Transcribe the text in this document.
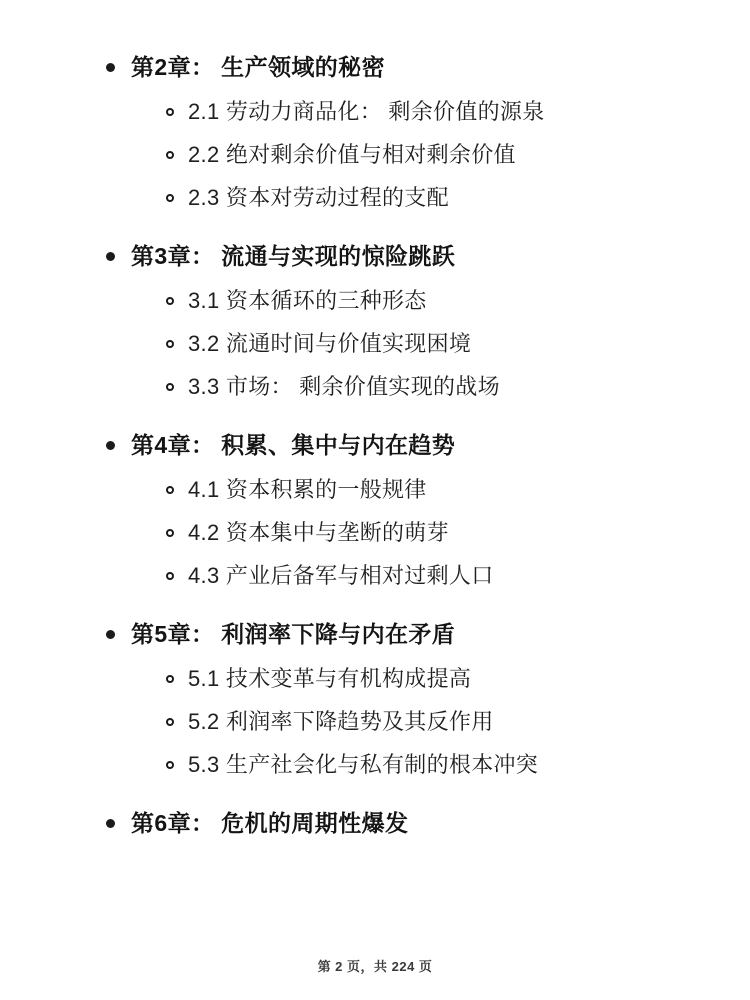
第2章： 生产领域的秘密
2.1 劳动力商品化： 剩余价值的源泉
2.2 绝对剩余价值与相对剩余价值
2.3 资本对劳动过程的支配
第3章： 流通与实现的惊险跳跃
3.1 资本循环的三种形态
3.2 流通时间与价值实现困境
3.3 市场： 剩余价值实现的战场
第4章： 积累、集中与内在趋势
4.1 资本积累的一般规律
4.2 资本集中与垄断的萌芽
4.3 产业后备军与相对过剩人口
第5章： 利润率下降与内在矛盾
5.1 技术变革与有机构成提高
5.2 利润率下降趋势及其反作用
5.3 生产社会化与私有制的根本冲突
第6章： 危机的周期性爆发
第 2 页，共 224 页
